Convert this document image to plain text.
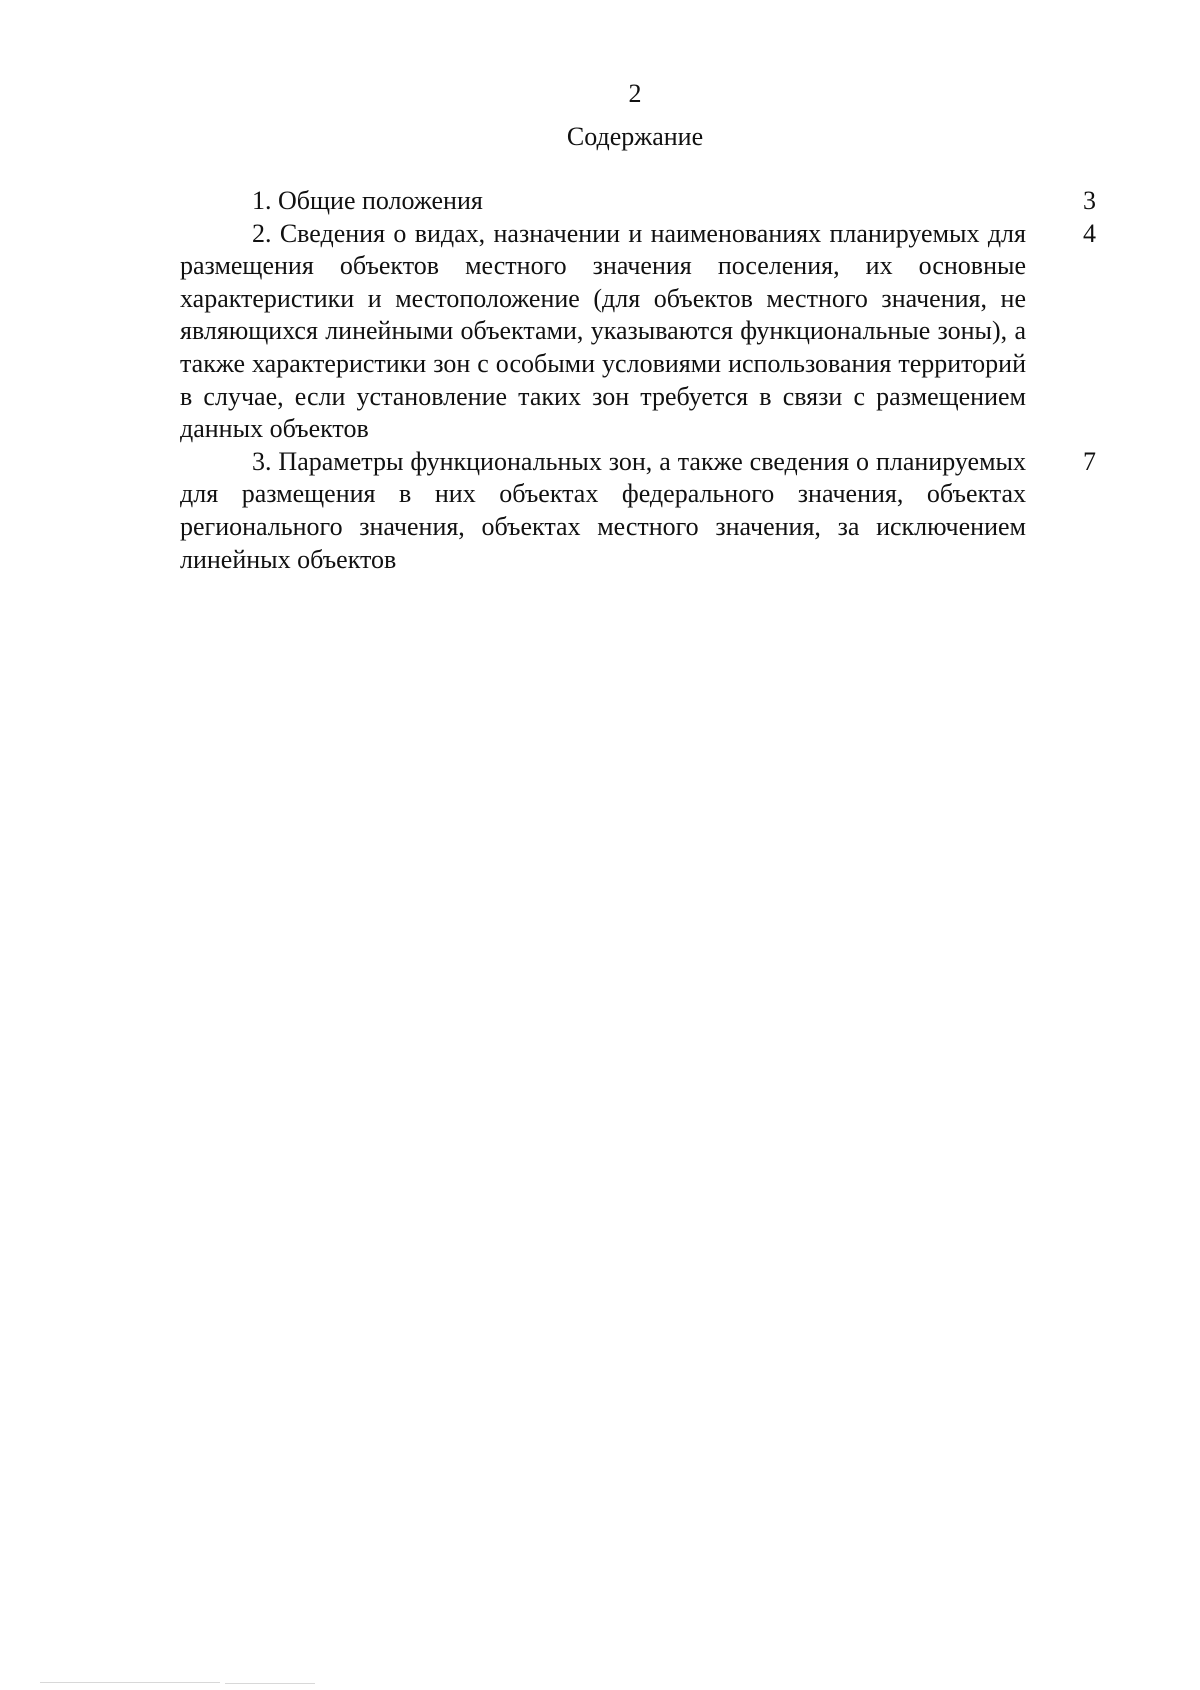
2
Содержание

1. Общие положения	3

2. Сведения о видах, назначении и наименованиях планируемых для размещения объектов местного значения поселения, их основные характеристики и местоположение (для объектов местного значения, не являющихся линейными объектами, указываются функциональные зоны), а также характеристики зон с особыми условиями использования территорий в случае, если установление таких зон требуется в связи с размещением данных объектов

4

3. Параметры функциональных зон, а также сведения о планируемых для размещения в них объектах федерального значения, объектах регионального значения, объектах местного значения, за исключением линейных объектов

7
